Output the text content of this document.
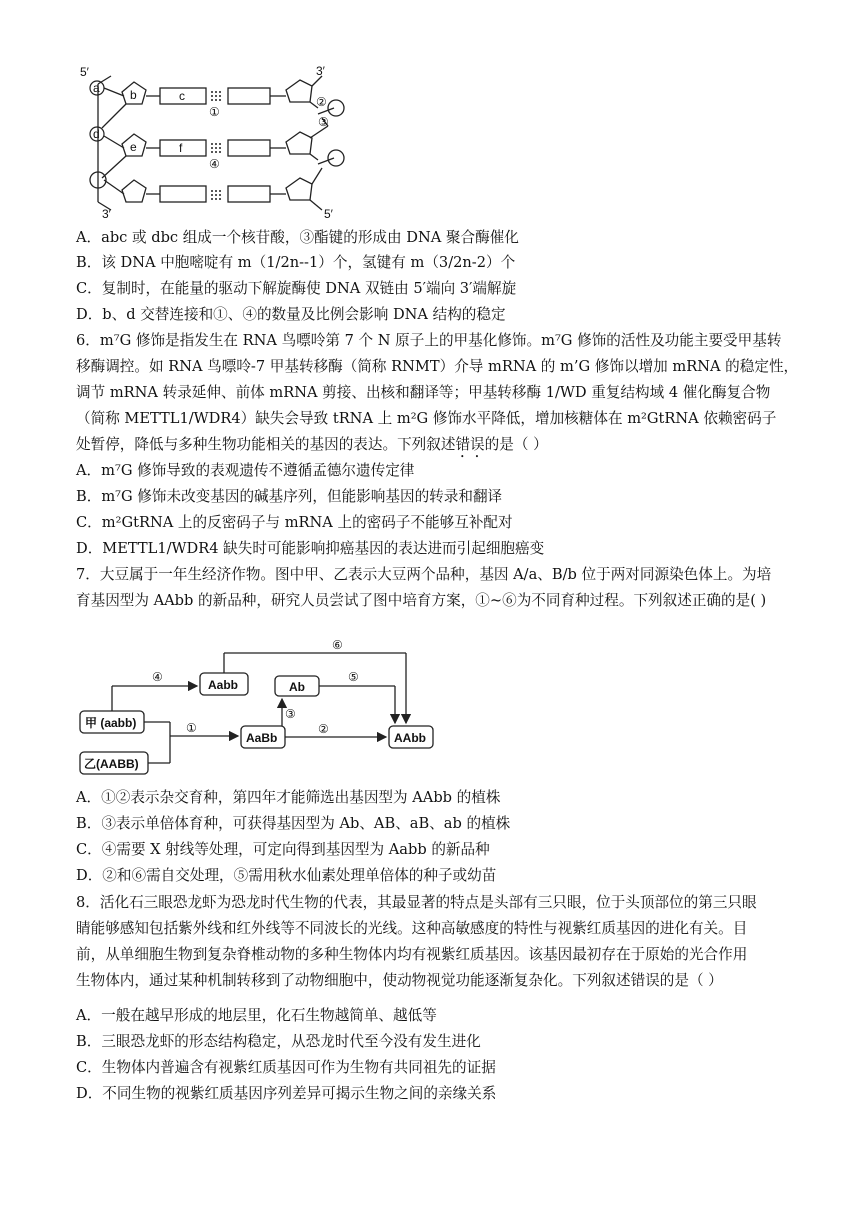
5′	3′
3′	5′
a	b	c
d
e	f
①
④
②
③
A．abc 或 dbc 组成一个核苷酸，③酯键的形成由 DNA 聚合酶催化
B．该 DNA 中胞嘧啶有 m（1/2n--1）个，氢键有 m（3/2n-2）个
C．复制时，在能量的驱动下解旋酶使 DNA 双链由 5′端向 3′端解旋
D．b、d 交替连接和①、④的数量及比例会影响 DNA 结构的稳定
6．m⁷G 修饰是指发生在 RNA 鸟嘌呤第 7 个 N 原子上的甲基化修饰。m⁷G 修饰的活性及功能主要受甲基转
移酶调控。如 RNA 鸟嘌呤-7 甲基转移酶（简称 RNMT）介导 mRNA 的 m’G 修饰以增加 mRNA 的稳定性，
调节 mRNA 转录延伸、前体 mRNA 剪接、出核和翻译等；甲基转移酶 1/WD 重复结构域 4 催化酶复合物
（简称 METTL1/WDR4）缺失会导致 tRNA 上 m²G 修饰水平降低，增加核糖体在 m²GtRNA 依赖密码子
处暂停，降低与多种生物功能相关的基因的表达。下列叙述错误的是（ ）
A．m⁷G 修饰导致的表观遗传不遵循孟德尔遗传定律
B．m⁷G 修饰未改变基因的碱基序列，但能影响基因的转录和翻译
C．m²GtRNA 上的反密码子与 mRNA 上的密码子不能够互补配对
D．METTL1/WDR4 缺失时可能影响抑癌基因的表达进而引起细胞癌变
7．大豆属于一年生经济作物。图中甲、乙表示大豆两个品种，基因 A/a、B/b 位于两对同源染色体上。为培
育基因型为 AAbb 的新品种，研究人员尝试了图中培育方案，①~⑥为不同育种过程。下列叙述正确的是( )
甲 (aabb)
乙(AABB)
Aabb	Ab
AaBb	AAbb
④
⑥
⑤
③
①	②
A．①②表示杂交育种，第四年才能筛选出基因型为 AAbb 的植株
B．③表示单倍体育种，可获得基因型为 Ab、AB、aB、ab 的植株
C．④需要 X 射线等处理，可定向得到基因型为 Aabb 的新品种
D．②和⑥需自交处理，⑤需用秋水仙素处理单倍体的种子或幼苗
8．活化石三眼恐龙虾为恐龙时代生物的代表，其最显著的特点是头部有三只眼，位于头顶部位的第三只眼
睛能够感知包括紫外线和红外线等不同波长的光线。这种高敏感度的特性与视紫红质基因的进化有关。目
前，从单细胞生物到复杂脊椎动物的多种生物体内均有视紫红质基因。该基因最初存在于原始的光合作用
生物体内，通过某种机制转移到了动物细胞中，使动物视觉功能逐渐复杂化。下列叙述错误的是（ ）
A．一般在越早形成的地层里，化石生物越简单、越低等
B．三眼恐龙虾的形态结构稳定，从恐龙时代至今没有发生进化
C．生物体内普遍含有视紫红质基因可作为生物有共同祖先的证据
D．不同生物的视紫红质基因序列差异可揭示生物之间的亲缘关系
